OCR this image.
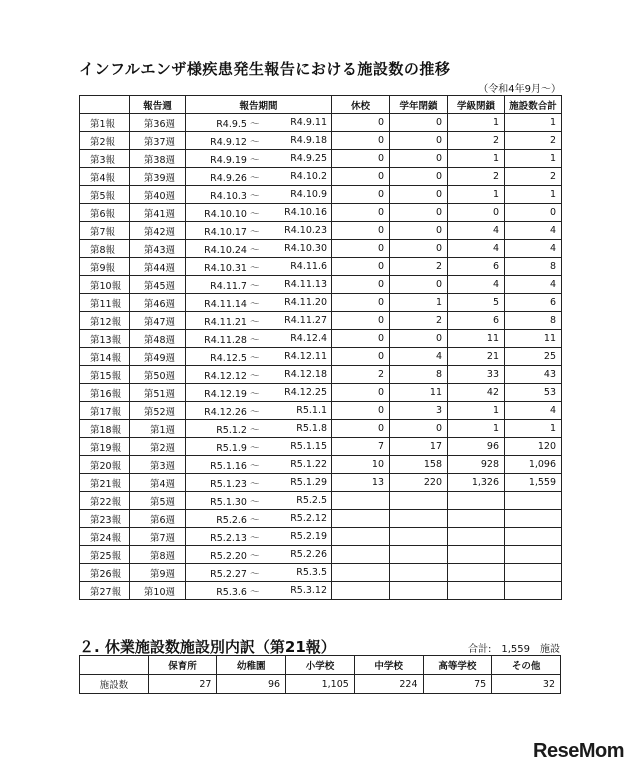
インフルエンザ様疾患発生報告における施設数の推移
（令和4年9月～）
	報告週	報告期間		休校	学年閉鎖	学級閉鎖	施設数合計
第1報	第36週	R4.9.5 ～	R4.9.11	0	0	1	1
第2報	第37週	R4.9.12 ～	R4.9.18	0	0	2	2
第3報	第38週	R4.9.19 ～	R4.9.25	0	0	1	1
第4報	第39週	R4.9.26 ～	R4.10.2	0	0	2	2
第5報	第40週	R4.10.3 ～	R4.10.9	0	0	1	1
第6報	第41週	R4.10.10 ～	R4.10.16	0	0	0	0
第7報	第42週	R4.10.17 ～	R4.10.23	0	0	4	4
第8報	第43週	R4.10.24 ～	R4.10.30	0	0	4	4
第9報	第44週	R4.10.31 ～	R4.11.6	0	2	6	8
第10報	第45週	R4.11.7 ～	R4.11.13	0	0	4	4
第11報	第46週	R4.11.14 ～	R4.11.20	0	1	5	6
第12報	第47週	R4.11.21 ～	R4.11.27	0	2	6	8
第13報	第48週	R4.11.28 ～	R4.12.4	0	0	11	11
第14報	第49週	R4.12.5 ～	R4.12.11	0	4	21	25
第15報	第50週	R4.12.12 ～	R4.12.18	2	8	33	43
第16報	第51週	R4.12.19 ～	R4.12.25	0	11	42	53
第17報	第52週	R4.12.26 ～	R5.1.1	0	3	1	4
第18報	第1週	R5.1.2 ～	R5.1.8	0	0	1	1
第19報	第2週	R5.1.9 ～	R5.1.15	7	17	96	120
第20報	第3週	R5.1.16 ～	R5.1.22	10	158	928	1,096
第21報	第4週	R5.1.23 ～	R5.1.29	13	220	1,326	1,559
第22報	第5週	R5.1.30 ～	R5.2.5				
第23報	第6週	R5.2.6 ～	R5.2.12				
第24報	第7週	R5.2.13 ～	R5.2.19				
第25報	第8週	R5.2.20 ～	R5.2.26				
第26報	第9週	R5.2.27 ～	R5.3.5				
第27報	第10週	R5.3.6 ～	R5.3.12				
２. 休業施設数施設別内訳（第21報）	合計:　1,559　施設
	保育所	幼稚園	小学校	中学校	高等学校	その他
施設数	27	96	1,105	224	75	32
ReseMom
